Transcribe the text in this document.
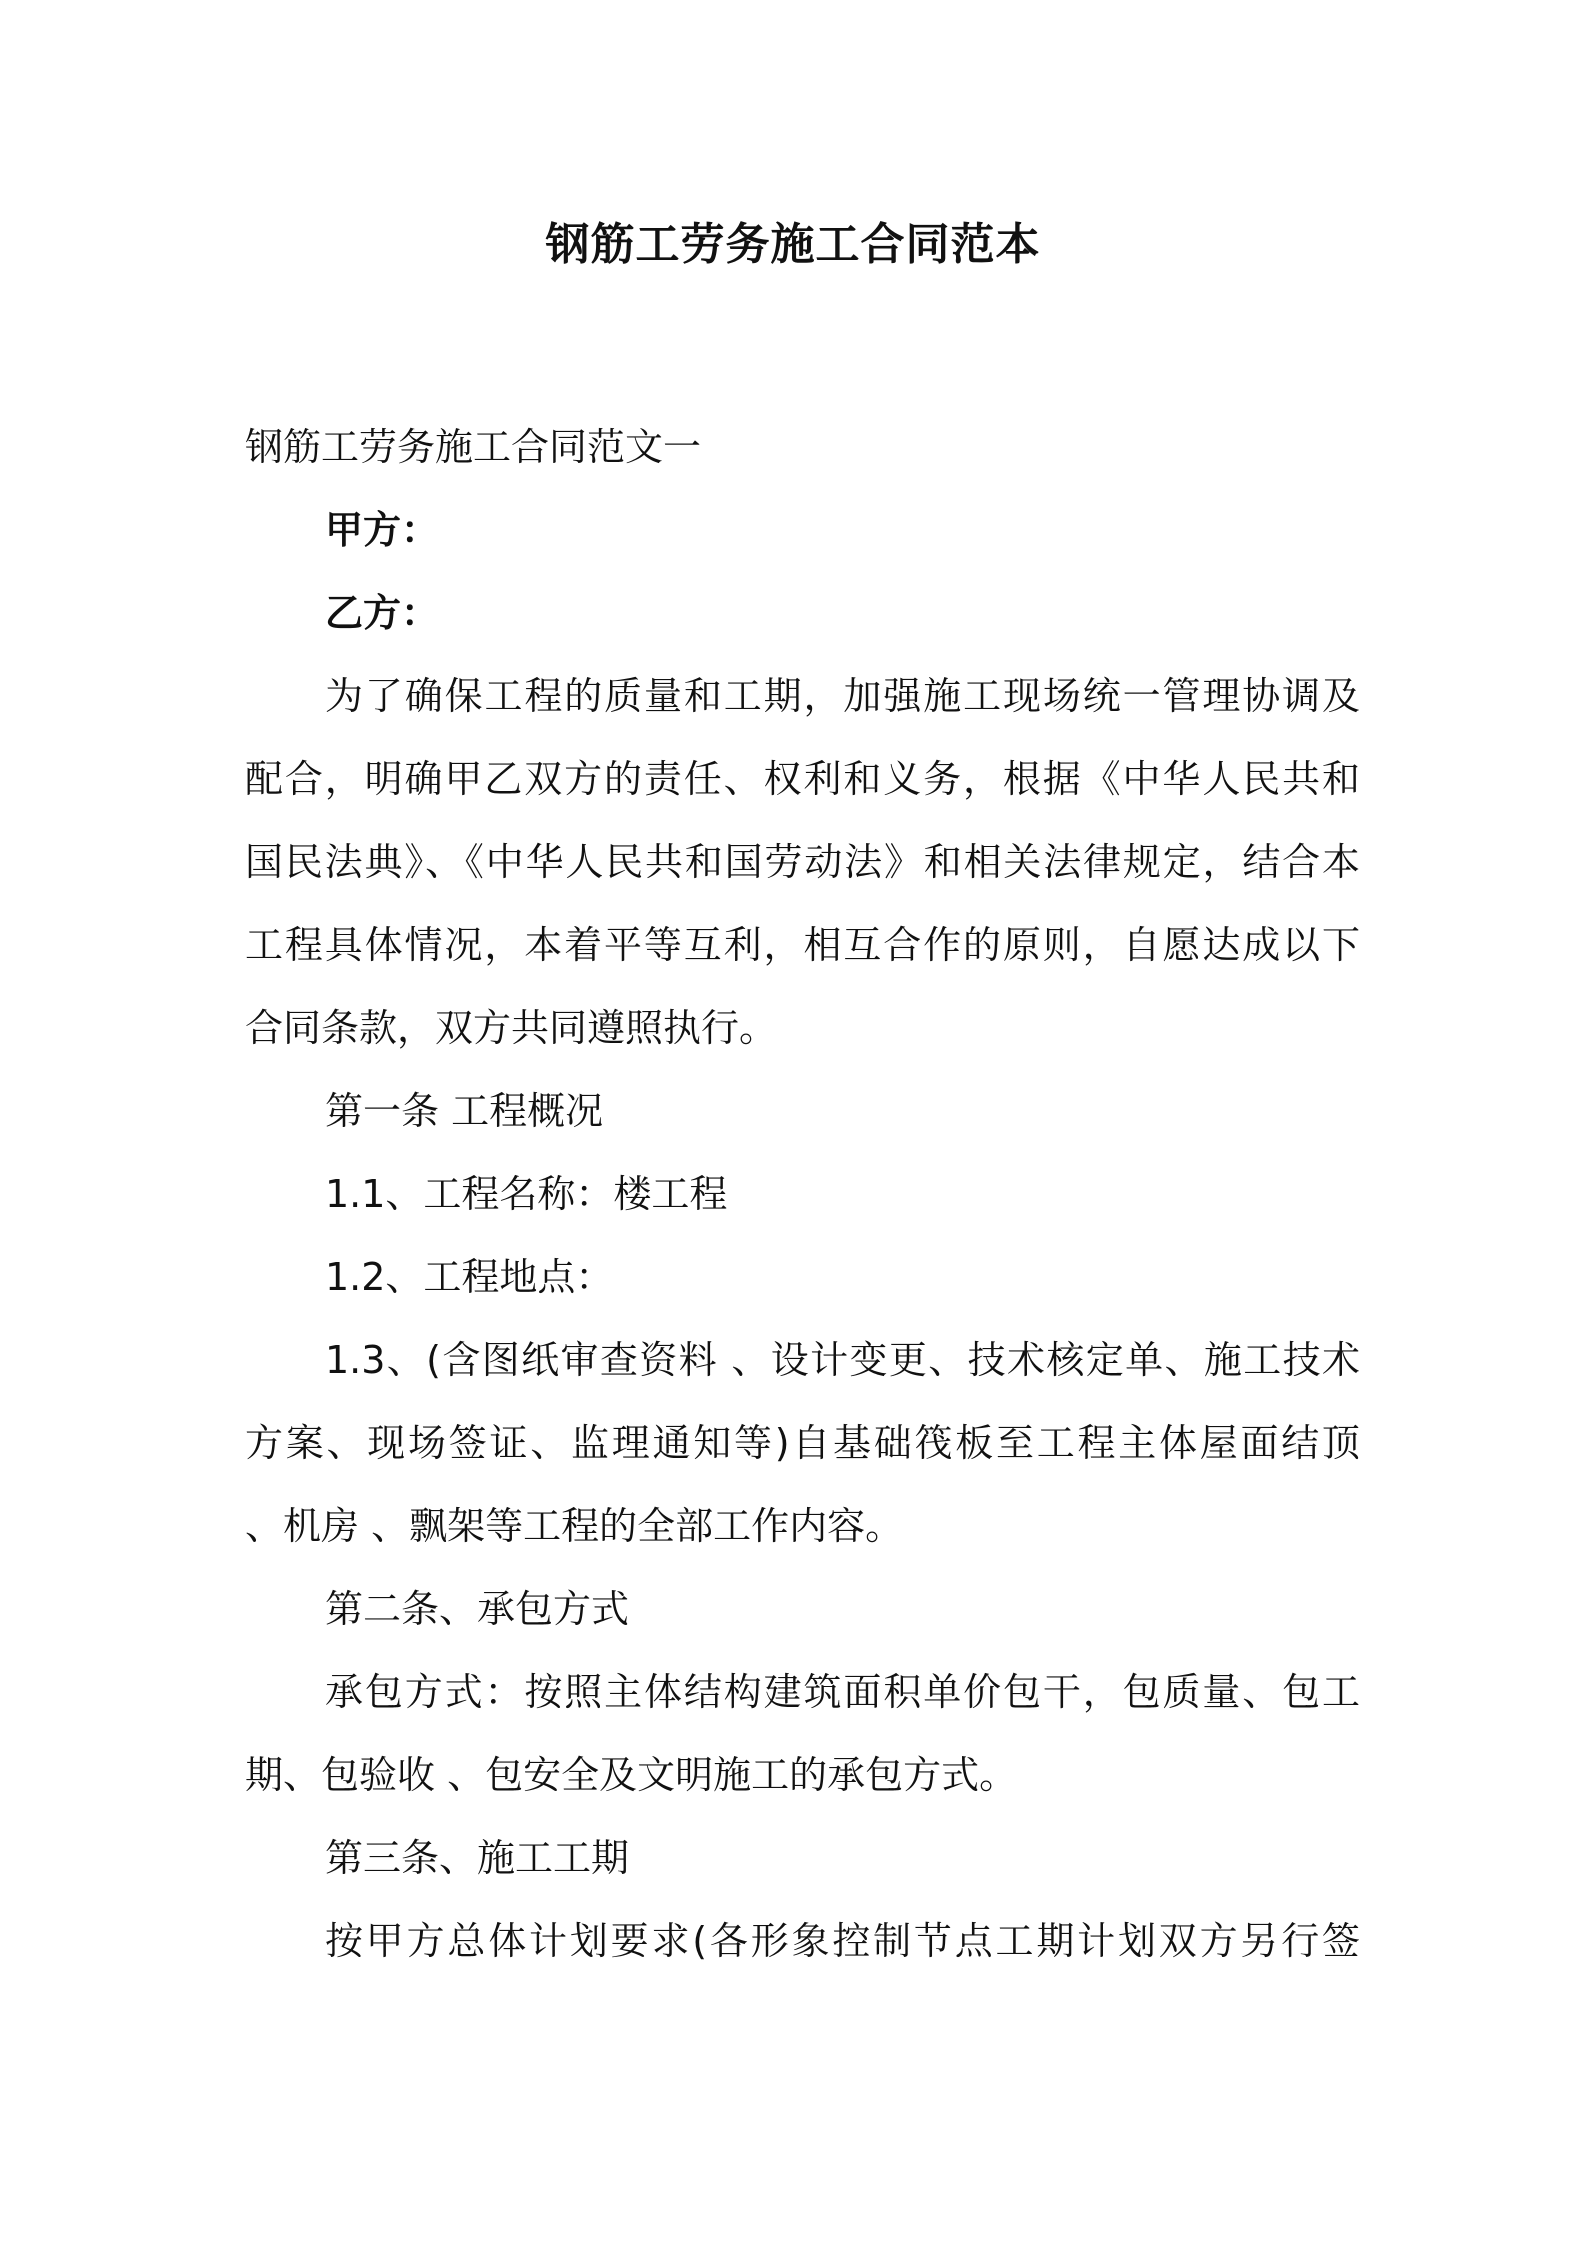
钢筋工劳务施工合同范本
钢筋工劳务施工合同范文一
甲方：
乙方：
为了确保工程的质量和工期，加强施工现场统一管理协调及
配合，明确甲乙双方的责任、权利和义务，根据《中华人民共和
国民法典》、《中华人民共和国劳动法》和相关法律规定，结合本
工程具体情况，本着平等互利，相互合作的原则，自愿达成以下
合同条款，双方共同遵照执行。
第一条 工程概况
1.1、工程名称：楼工程
1.2、工程地点：
1.3、(含图纸审查资料 、设计变更、技术核定单、施工技术
方案、现场签证、监理通知等)自基础筏板至工程主体屋面结顶
、机房 、飘架等工程的全部工作内容。
第二条、承包方式
承包方式：按照主体结构建筑面积单价包干，包质量、包工
期、包验收 、包安全及文明施工的承包方式。
第三条、施工工期
按甲方总体计划要求(各形象控制节点工期计划双方另行签
